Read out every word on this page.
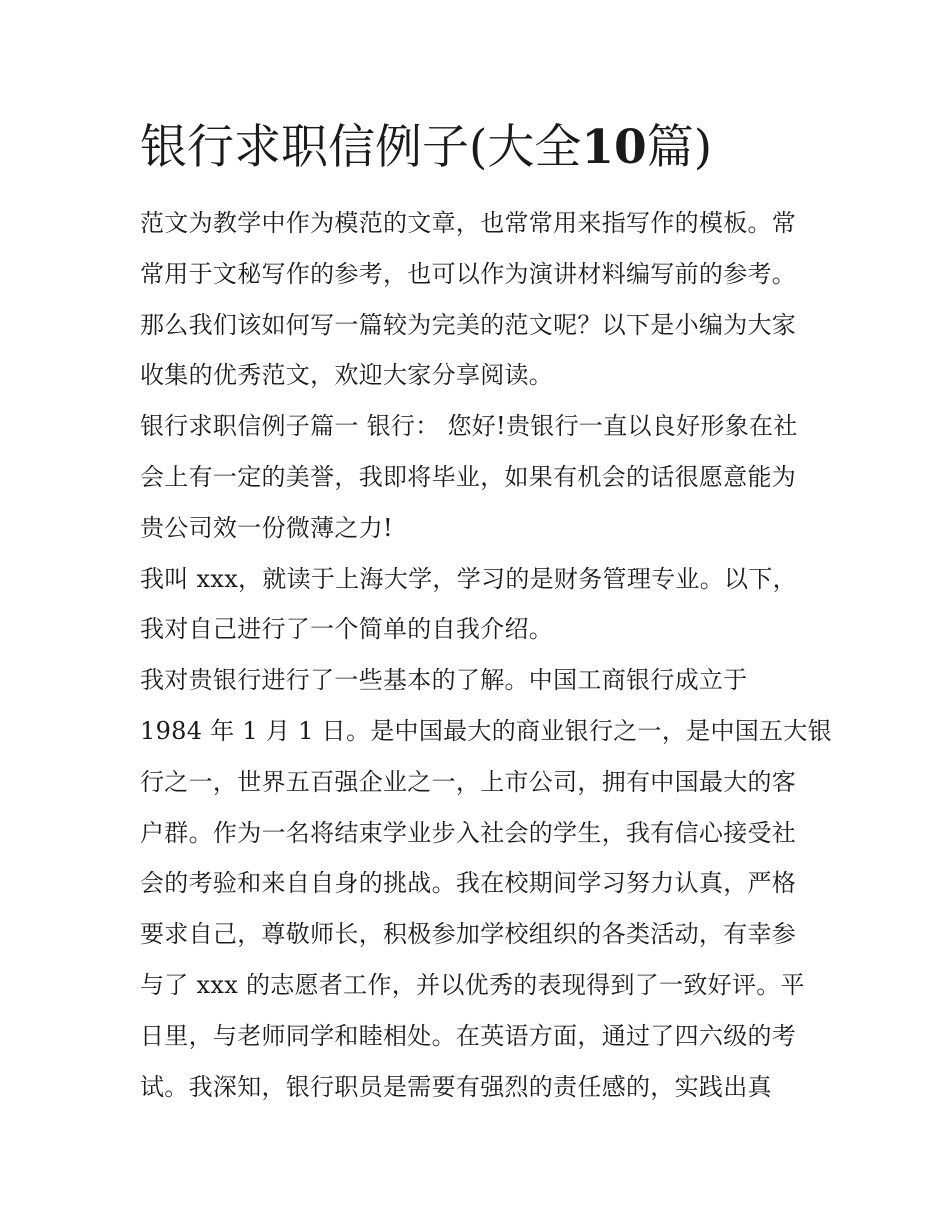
银行求职信例子(大全10篇)
范文为教学中作为模范的文章，也常常用来指写作的模板。常
常用于文秘写作的参考，也可以作为演讲材料编写前的参考。
那么我们该如何写一篇较为完美的范文呢？以下是小编为大家
收集的优秀范文，欢迎大家分享阅读。
银行求职信例子篇一 银行： 您好!贵银行一直以良好形象在社
会上有一定的美誉，我即将毕业，如果有机会的话很愿意能为
贵公司效一份微薄之力!
我叫 xxx，就读于上海大学，学习的是财务管理专业。以下，
我对自己进行了一个简单的自我介绍。
我对贵银行进行了一些基本的了解。中国工商银行成立于
1984 年 1 月 1 日。是中国最大的商业银行之一，是中国五大银
行之一，世界五百强企业之一，上市公司，拥有中国最大的客
户群。作为一名将结束学业步入社会的学生，我有信心接受社
会的考验和来自自身的挑战。我在校期间学习努力认真，严格
要求自己，尊敬师长，积极参加学校组织的各类活动，有幸参
与了 xxx 的志愿者工作，并以优秀的表现得到了一致好评。平
日里，与老师同学和睦相处。在英语方面，通过了四六级的考
试。我深知，银行职员是需要有强烈的责任感的，实践出真
